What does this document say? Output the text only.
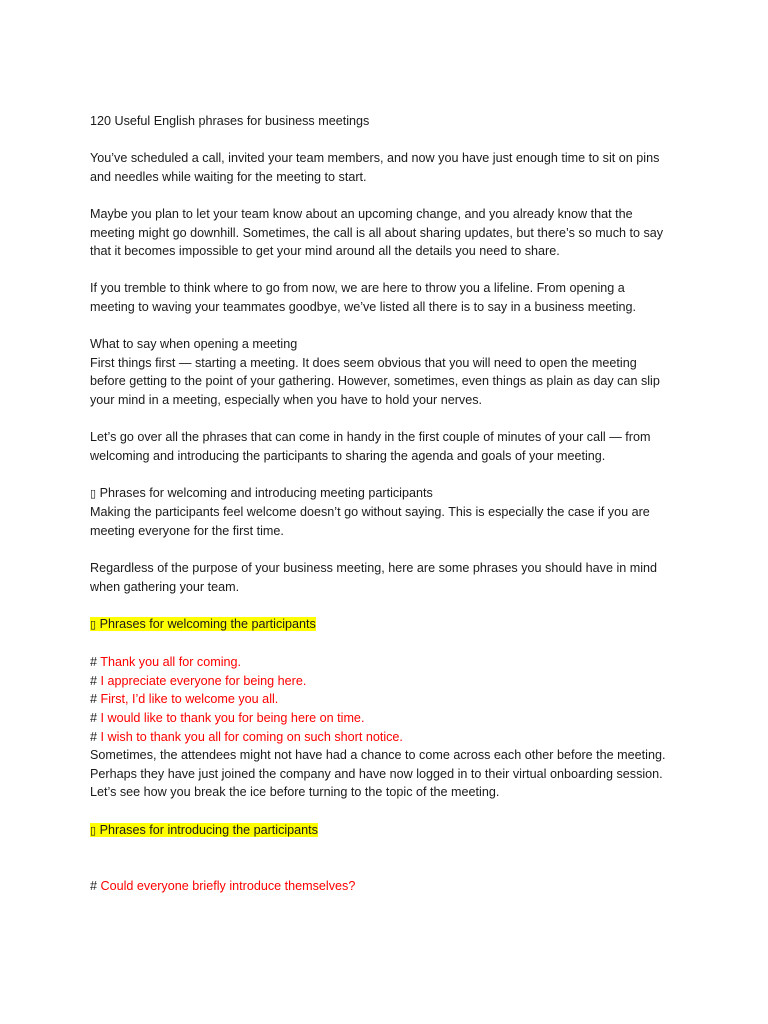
120 Useful English phrases for business meetings
You’ve scheduled a call, invited your team members, and now you have just enough time to sit on pins
and needles while waiting for the meeting to start.
Maybe you plan to let your team know about an upcoming change, and you already know that the
meeting might go downhill. Sometimes, the call is all about sharing updates, but there’s so much to say
that it becomes impossible to get your mind around all the details you need to share.
If you tremble to think where to go from now, we are here to throw you a lifeline. From opening a
meeting to waving your teammates goodbye, we’ve listed all there is to say in a business meeting.
What to say when opening a meeting
First things first — starting a meeting. It does seem obvious that you will need to open the meeting
before getting to the point of your gathering. However, sometimes, even things as plain as day can slip
your mind in a meeting, especially when you have to hold your nerves.
Let’s go over all the phrases that can come in handy in the first couple of minutes of your call — from
welcoming and introducing the participants to sharing the agenda and goals of your meeting.
▯ Phrases for welcoming and introducing meeting participants
Making the participants feel welcome doesn’t go without saying. This is especially the case if you are
meeting everyone for the first time.
Regardless of the purpose of your business meeting, here are some phrases you should have in mind
when gathering your team.
▯ Phrases for welcoming the participants
# Thank you all for coming.
# I appreciate everyone for being here.
# First, I’d like to welcome you all.
# I would like to thank you for being here on time.
# I wish to thank you all for coming on such short notice.
Sometimes, the attendees might not have had a chance to come across each other before the meeting.
Perhaps they have just joined the company and have now logged in to their virtual onboarding session.
Let’s see how you break the ice before turning to the topic of the meeting.
▯ Phrases for introducing the participants
# Could everyone briefly introduce themselves?
